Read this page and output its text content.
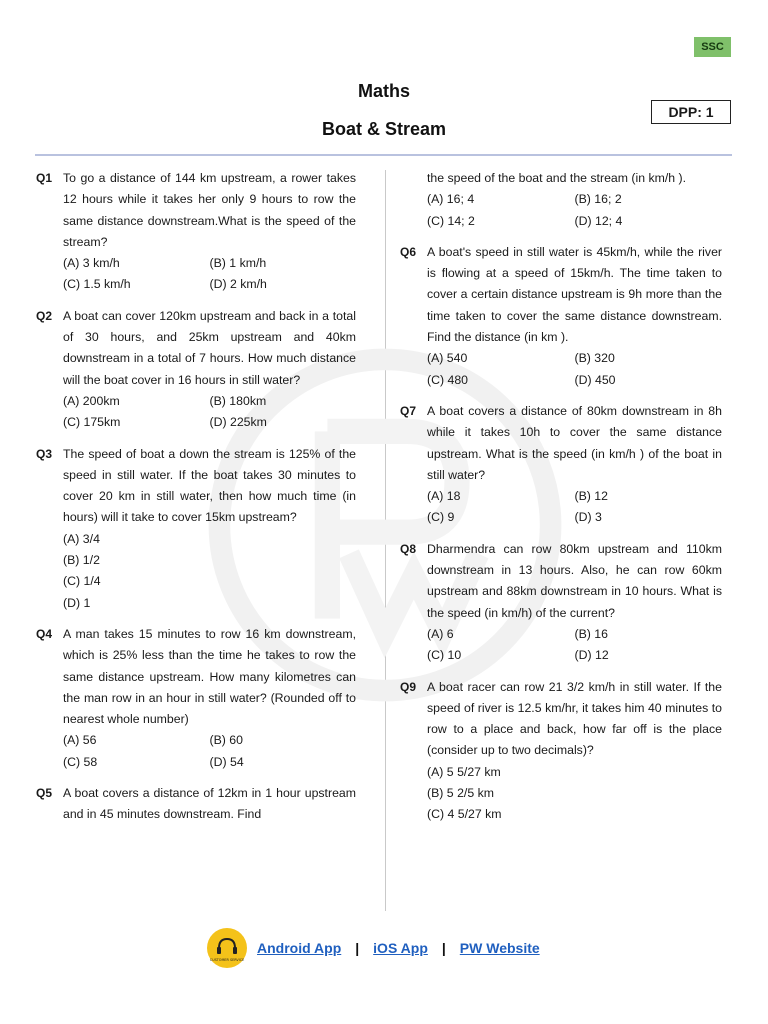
SSC
Maths
Boat & Stream
DPP: 1
Q1 To go a distance of 144 km upstream, a rower takes 12 hours while it takes her only 9 hours to row the same distance downstream.What is the speed of the stream?
(A) 3 km/h	(B) 1 km/h
(C) 1.5 km/h	(D) 2 km/h
Q2 A boat can cover 120km upstream and back in a total of 30 hours, and 25km upstream and 40km downstream in a total of 7 hours. How much distance will the boat cover in 16 hours in still water?
(A) 200km	(B) 180km
(C) 175km	(D) 225km
Q3 The speed of boat a down the stream is 125% of the speed in still water. If the boat takes 30 minutes to cover 20 km in still water, then how much time (in hours) will it take to cover 15km upstream?
(A) 3/4
(B) 1/2
(C) 1/4
(D) 1
Q4 A man takes 15 minutes to row 16 km downstream, which is 25% less than the time he takes to row the same distance upstream. How many kilometres can the man row in an hour in still water? (Rounded off to nearest whole number)
(A) 56	(B) 60
(C) 58	(D) 54
Q5 A boat covers a distance of 12km in 1 hour upstream and in 45 minutes downstream. Find
the speed of the boat and the stream (in km/h ).
(A) 16; 4	(B) 16; 2
(C) 14; 2	(D) 12; 4
Q6 A boat's speed in still water is 45km/h, while the river is flowing at a speed of 15km/h. The time taken to cover a certain distance upstream is 9h more than the time taken to cover the same distance downstream. Find the distance (in km ).
(A) 540	(B) 320
(C) 480	(D) 450
Q7 A boat covers a distance of 80km downstream in 8h while it takes 10h to cover the same distance upstream. What is the speed (in km/h ) of the boat in still water?
(A) 18	(B) 12
(C) 9	(D) 3
Q8 Dharmendra can row 80km upstream and 110km downstream in 13 hours. Also, he can row 60km upstream and 88km downstream in 10 hours. What is the speed (in km/h) of the current?
(A) 6	(B) 16
(C) 10	(D) 12
Q9 A boat racer can row 21 3/2 km/h in still water. If the speed of river is 12.5 km/hr, it takes him 40 minutes to row to a place and back, how far off is the place (consider up to two decimals)?
(A) 5 5/27 km
(B) 5 2/5 km
(C) 4 5/27 km
CUSTOMER SERVICE
Android App | iOS App | PW Website
